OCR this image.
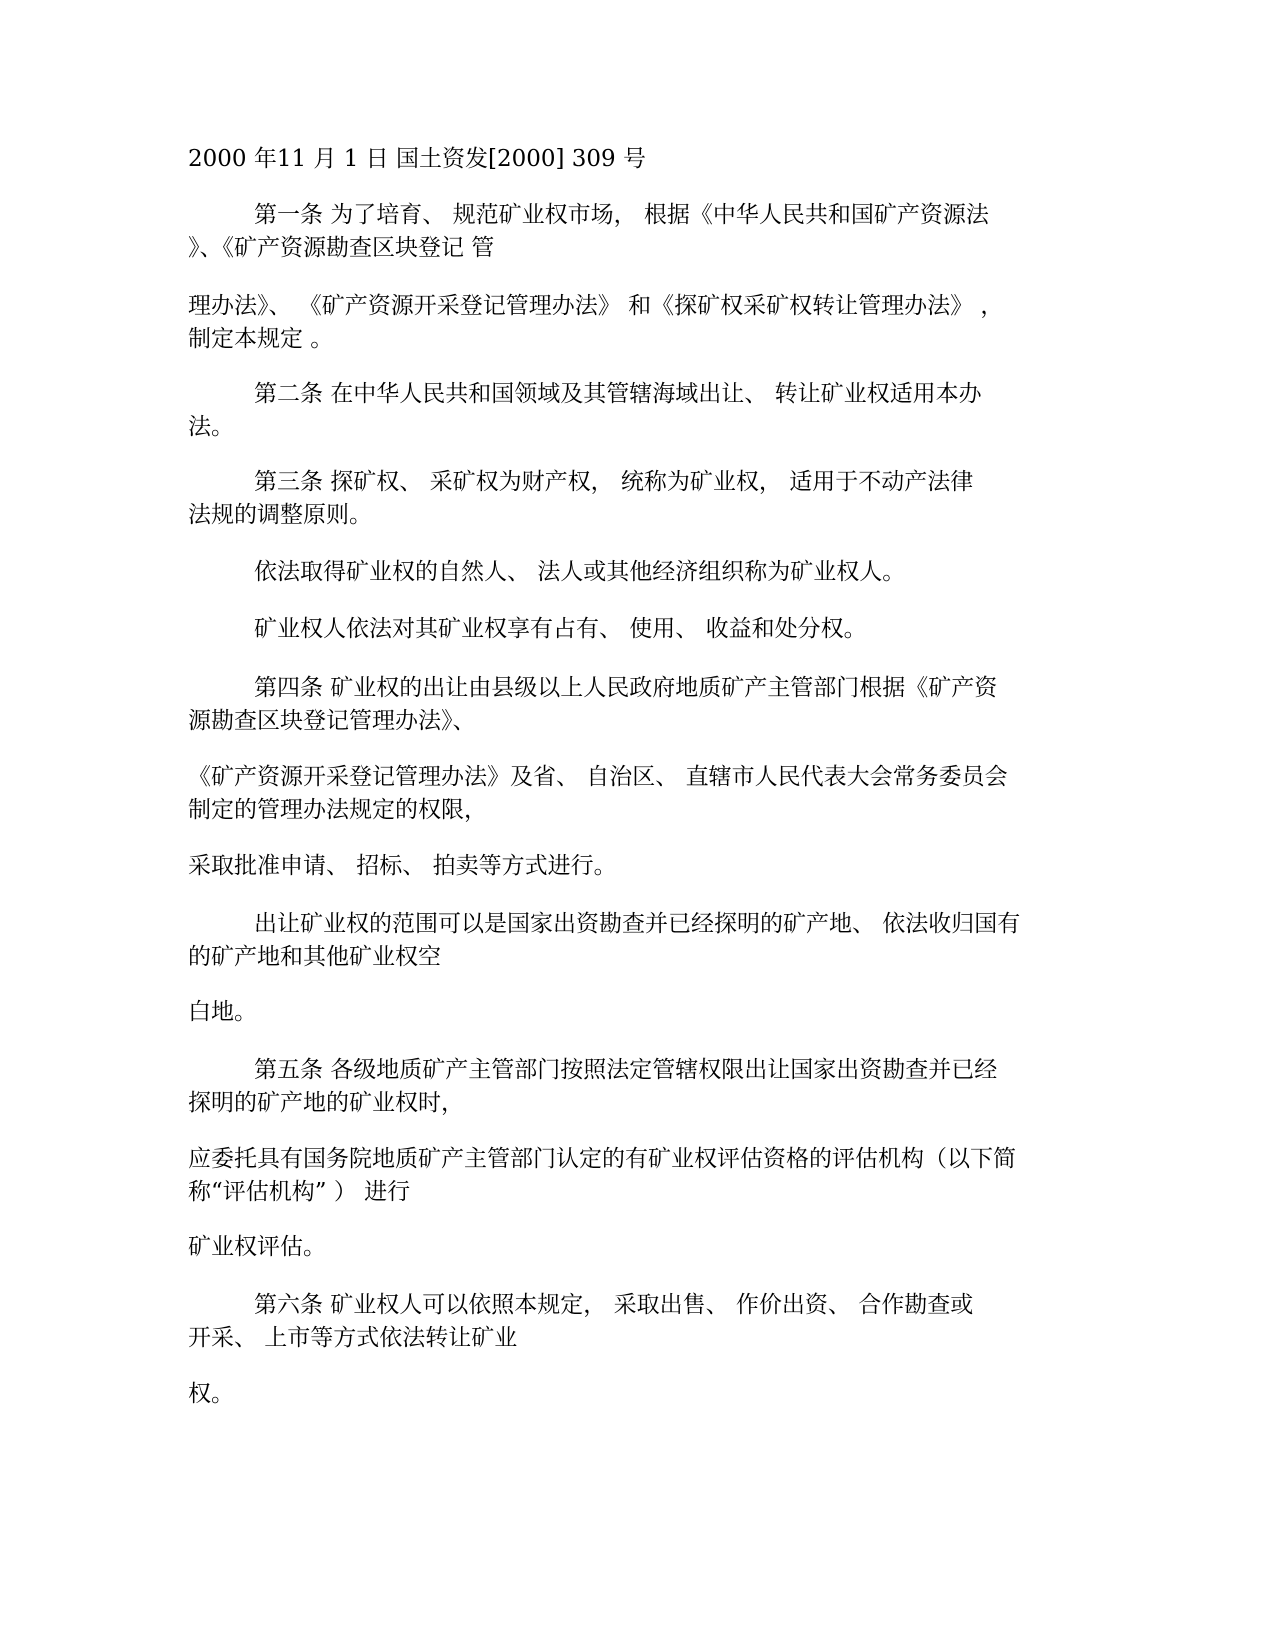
2000 年11 月 1 日 国土资发[2000] 309 号

第一条 为了培育、 规范矿业权市场， 根据《中华人民共和国矿产资源法
》、《矿产资源勘查区块登记 管

理办法》、 《矿产资源开采登记管理办法》 和《探矿权采矿权转让管理办法》 ，
制定本规定 。

第二条 在中华人民共和国领域及其管辖海域出让、 转让矿业权适用本办
法。

第三条 探矿权、 采矿权为财产权， 统称为矿业权， 适用于不动产法律
法规的调整原则。

依法取得矿业权的自然人、 法人或其他经济组织称为矿业权人。

矿业权人依法对其矿业权享有占有、 使用、 收益和处分权。

第四条 矿业权的出让由县级以上人民政府地质矿产主管部门根据《矿产资
源勘查区块登记管理办法》、

《矿产资源开采登记管理办法》及省、 自治区、 直辖市人民代表大会常务委员会
制定的管理办法规定的权限，

采取批准申请、 招标、 拍卖等方式进行。

出让矿业权的范围可以是国家出资勘查并已经探明的矿产地、 依法收归国有
的矿产地和其他矿业权空

白地。

第五条 各级地质矿产主管部门按照法定管辖权限出让国家出资勘查并已经
探明的矿产地的矿业权时，

应委托具有国务院地质矿产主管部门认定的有矿业权评估资格的评估机构（以下简
称“评估机构” ） 进行

矿业权评估。

第六条 矿业权人可以依照本规定， 采取出售、 作价出资、 合作勘查或
开采、 上市等方式依法转让矿业

权。
